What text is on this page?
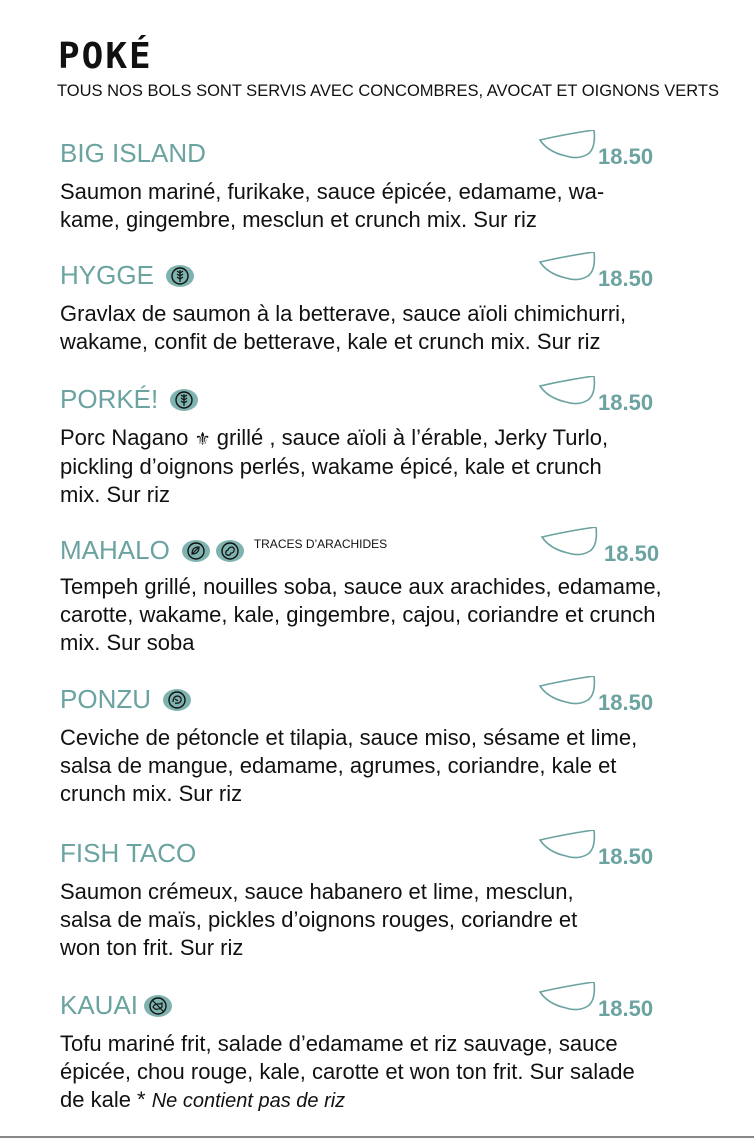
POKÉ
TOUS NOS BOLS SONT SERVIS AVEC CONCOMBRES, AVOCAT ET OIGNONS VERTS
BIG ISLAND	18.50
Saumon mariné, furikake, sauce épicée, edamame, wa-
kame, gingembre, mesclun et crunch mix. Sur riz
HYGGE	18.50
Gravlax de saumon à la betterave, sauce aïoli chimichurri,
wakame, confit de betterave, kale et crunch mix. Sur riz
PORKÉ!	18.50
Porc Nagano ⚜ grillé , sauce aïoli à l’érable, Jerky Turlo,
pickling d’oignons perlés, wakame épicé, kale et crunch
mix. Sur riz
MAHALO	TRACES D’ARACHIDES	18.50
Tempeh grillé, nouilles soba, sauce aux arachides, edamame,
carotte, wakame, kale, gingembre, cajou, coriandre et crunch
mix. Sur soba
PONZU	18.50
Ceviche de pétoncle et tilapia, sauce miso, sésame et lime,
salsa de mangue, edamame, agrumes, coriandre, kale et
crunch mix. Sur riz
FISH TACO	18.50
Saumon crémeux, sauce habanero et lime, mesclun,
salsa de maïs, pickles d’oignons rouges, coriandre et
won ton frit. Sur riz
KAUAI	18.50
Tofu mariné frit, salade d’edamame et riz sauvage, sauce
épicée, chou rouge, kale, carotte et won ton frit. Sur salade
de kale * Ne contient pas de riz
